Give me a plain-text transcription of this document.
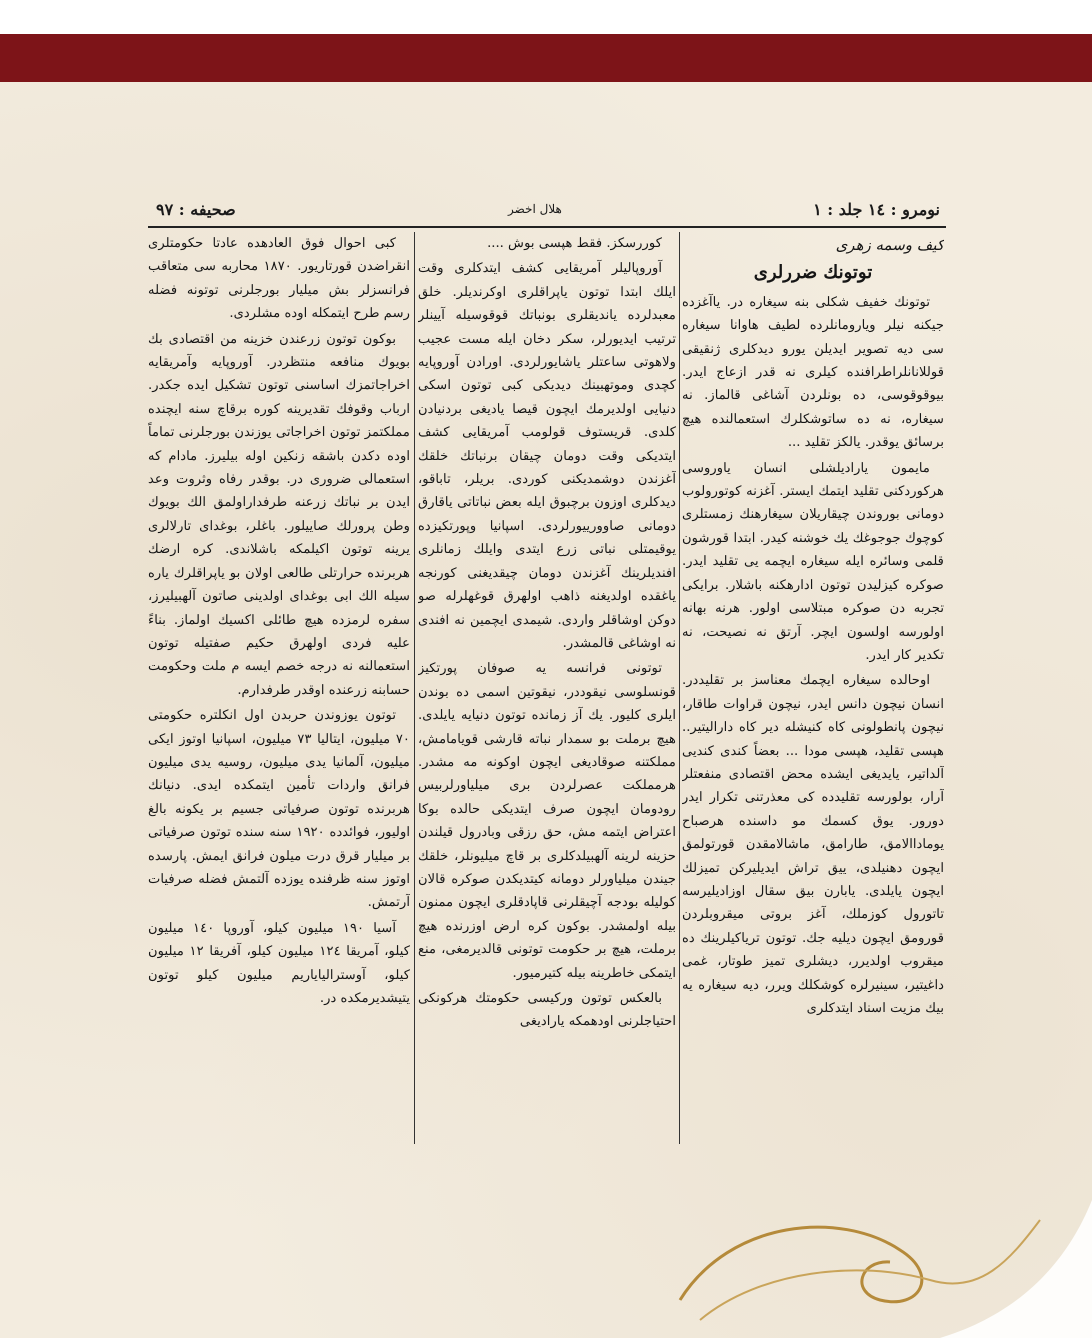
نومرو : ١٤ جلد : ١
هلال اخضر
صحيفه : ٩٧
كيف وسمه زهرى
توتونك ضررلرى

توتونك خفيف شكلى بنه سيغاره در. ياآغزده جيكنه نيلر ويارومانلرده لطيف هاوانا سيغاره سى ديه تصوير ايديلن يورو ديدكلرى ژنقيقى قوللانانلراطرافنده كيلرى نه قدر ازعاج ايدر. بيوقوقوسى، ده بونلردن آشاغى قالماز. نه سيغاره، نه ده ساتوشكلرك استعمالنده هيچ برسائق يوقدر. يالكز تقليد ...

مايمون ياراديلشلى انسان ياوروسى هركوردكنى تقليد ايتمك ايستر. آغزنه كوتورولوب دومانى بوروندن چيقاريلان سيغارهنك زمستلرى كوچوك جوجوغك يك خوشنه كيدر. ابتدا قورشون قلمى وسائره ايله سيغاره ايچمه يى تقليد ايدر. صوكره كيزليدن توتون ادارهكنه باشلار. برايكى تجربه دن صوكره مبتلاسى اولور. هرنه بهانه اولورسه اولسون ايچر. آرتق نه نصيحت، نه تكدير كار ايدر.

اوحالده سيغاره ايچمك معناسز بر تقليددر. انسان نيچون دانس ايدر، نيچون قراوات طاقار، نيچون پانطولونى كاه كنيشله دير كاه داراليتير.. هپسى تقليد، هپسى مودا ... بعضاً كندى كنديى آلداتير، يايديغى ايشده محض اقتصادى منفعتلر آرار، بولورسه تقليدده كى معذرتنى تكرار ايدر دورور. يوق كسمك مو داسنده هرصباح يوماداالامق، طارامق، ماشالامقدن قورتولمق ايچون دهنيلدى، ييق تراش ايديليركن تميزلك ايچون يايلدى. يابارن بيق سقال اوزاديليرسه تاتورول كوزملك، آغز بروتى ميقروبلردن قورومق ايچون ديليه جك. توتون ترياكيلرينك ده ميقروب اولديرر، ديشلرى تميز طوتار، غمى داغيتير، سينيرلره كوشكلك ويرر، ديه سيغاره يه بيك مزيت اسناد ايتدكلرى

كوررسكز. فقط هپسى بوش ....

آوروپاليلر آمريقايى كشف ايتدكلرى وقت ايلك ابتدا توتون ياپراقلرى اوكرنديلر. خلق معبدلرده يانديقلرى بونباتك قوقوسيله آيينلر ترتيب ايديورلر، سكر دخان ايله مست عجيب ولاهوتى ساعتلر ياشايورلردى. اورادن آوروپايه كچدى وموتهبينك ديديكى كبى توتون اسكى دنيايى اولديرمك ايچون قيصا ياديغى بردنيادن كلدى. قريستوف قولومب آمريقايى كشف ايتديكى وقت دومان چيقان برنباتك خلقك آغزندن دوشمديكنى كوردى. بريلر، تاباقو، ديدكلرى اوزون برچبوق ايله بعض نباتاتى ياقارق دومانى صاوورييورلردى. اسپانيا وپورتكيزده يوقيمتلى نباتى زرع ايتدى وايلك زمانلرى افنديلرينك آغزندن دومان چيقديغنى كورنجه ياغقده اولديغنه ذاهب اولهرق قوغهلرله صو دوكن اوشاقلر واردى. شيمدى ايچمين نه افندى نه اوشاغى قالمشدر.

توتونى فرانسه يه صوفان پورتكيز قونسلوسى نيقوددر، نيقوتين اسمى ده بوندن ايلرى كليور. يك آز زمانده توتون دنيايه يايلدى. هيچ برملت بو سمدار نباته قارشى قويامامش، مملكتنه صوقاديغى ايچون اوكونه مه مشدر. هرمملكت عصرلردن برى ميلياورلربيس رودومان ايچون صرف ايتديكى حالده بوكا اعتراض ايتمه مش، حق رزقى وبادرول قيلندن حزينه لرينه آلهبيلدكلرى بر قاچ ميليونلر، خلقك جيندن ميلياورلر دومانه كيتديكدن صوكره قالان كوليله بودجه آچيقلرنى قاپادقلرى ايچون ممنون بيله اولمشدر. بوكون كره ارض اوزرنده هيچ برملت، هيچ بر حكومت توتونى قالديرمغى، منع ايتمكى خاطرينه بيله كتيرميور.

بالعكس توتون وركيسى حكومتك هركونكى احتياجلرنى اودهمكه ياراديغى

كبى احوال فوق العادهده عادتا حكومتلرى انقراضدن قورتاريور. ١٨٧٠ محاربه سى متعاقب فرانسزلر بش ميليار بورجلرنى توتونه فضله رسم طرح ايتمكله اوده مشلردى.

بوكون توتون زرعندن خزينه من اقتصادى بك بويوك منافعه منتظردر. آوروپايه وآمريقايه اخراجاتمزك اساسنى توتون تشكيل ايده جكدر. ارباب وقوفك تقديرينه كوره برقاچ سنه ايچنده مملكتمز توتون اخراجاتى يوزندن بورجلرنى تماماً اوده دكدن باشقه زنكين اوله بيليرز. مادام كه استعمالى ضرورى در. بوقدر رفاه وثروت وعد ايدن بر نباتك زرعنه طرفداراولمق الك بويوك وطن پرورلك صاييلور. باغلر، بوغداى تارلالرى يرينه توتون اكيلمكه باشلاندى. كره ارضك هربرنده حرارتلى طالعى اولان بو ياپراقلرك ياره سيله الك ابى بوغداى اولدينى صاتون آلهبيليرز، سفره لرمزده هيچ طائلى اكسيك اولماز. بناءً عليه فردى اولهرق حكيم صفتيله توتون استعمالنه نه درجه خصم ايسه م ملت وحكومت حسابنه زرعنده اوقدر طرفدارم.

توتون يوزوندن حربدن اول انكلتره حكومتى ٧٠ ميليون، ايتاليا ٧٣ ميليون، اسپانيا اوتوز ايكى ميليون، آلمانيا يدى ميليون، روسيه يدى ميليون فرانق واردات تأمين ايتمكده ايدى. دنيانك هربرنده توتون صرفياتى جسيم بر يكونه بالغ اوليور، فوائدده ١٩٢٠ سنه سنده توتون صرفياتى بر ميليار قرق درت ميلون فرانق ايمش. پارسده اوتوز سنه ظرفنده يوزده آلتمش فضله صرفيات آرتمش.

آسيا ١٩٠ ميليون كيلو، آوروپا ١٤٠ ميليون كيلو، آمريقا ١٢٤ ميليون كيلو، آفريقا ١٢ ميليون كيلو، آوسترالياياريم ميليون كيلو توتون يتيشديرمكده در.
